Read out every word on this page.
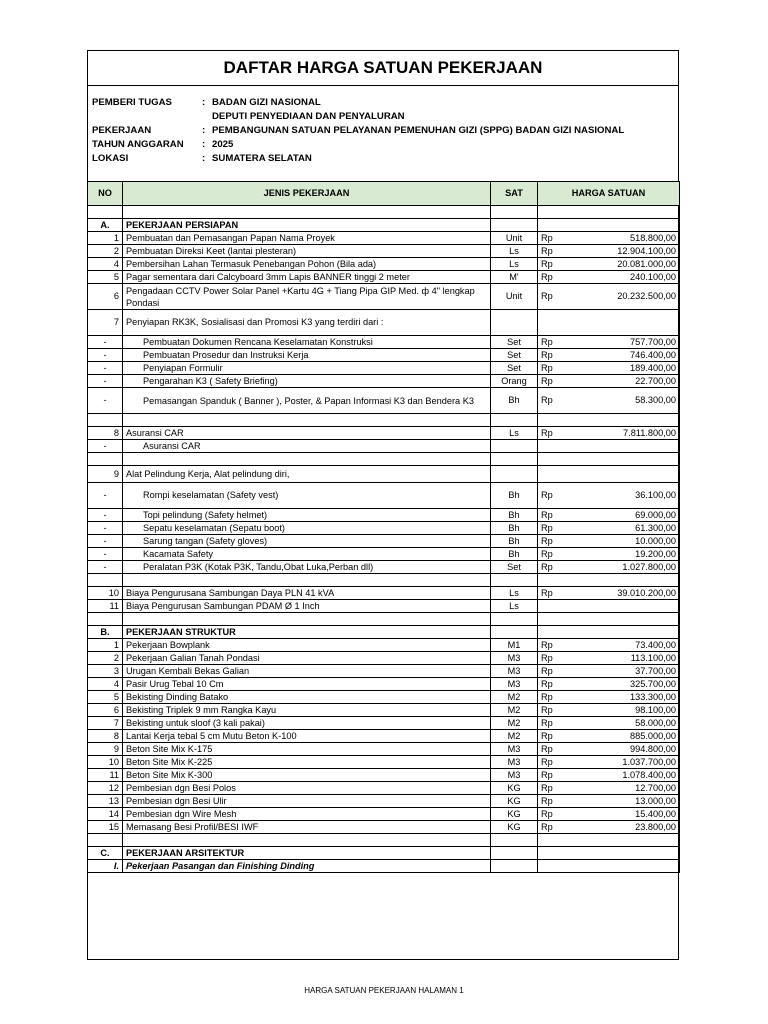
DAFTAR HARGA SATUAN PEKERJAAN
PEMBERI TUGAS	: BADAN GIZI NASIONAL
DEPUTI PENYEDIAAN DAN PENYALURAN
PEKERJAAN	: PEMBANGUNAN SATUAN PELAYANAN PEMENUHAN GIZI (SPPG) BADAN GIZI NASIONAL
TAHUN ANGGARAN	: 2025
LOKASI	: SUMATERA SELATAN
NO	JENIS PEKERJAAN	SAT	HARGA SATUAN

A.	PEKERJAAN PERSIAPAN		
1	Pembuatan dan Pemasangan Papan Nama Proyek	Unit	Rp 518.800,00

2	Pembuatan Direksi Keet (lantai plesteran)	Ls	Rp 12.904.100,00

4	Pembersihan Lahan Termasuk Penebangan Pohon (Bila ada)	Ls	Rp 20.081.000,00

5	Pagar sementara dari Calcyboard 3mm Lapis BANNER tinggi 2 meter	M'	Rp 240.100,00

6	Pengadaan CCTV Power Solar Panel +Kartu 4G + Tiang Pipa GIP Med. ф 4" lengkap Pondasi	Unit	Rp 20.232.500,00

7	Penyiapan RK3K, Sosialisasi dan Promosi K3 yang terdiri dari :		
-	Pembuatan Dokumen Rencana Keselamatan Konstruksi	Set	Rp 757.700,00

-	Pembuatan Prosedur dan Instruksi Kerja	Set	Rp 746.400,00

-	Penyiapan Formulir	Set	Rp 189.400,00

-	Pengarahan K3 ( Safety Briefing)	Orang	Rp 22.700,00

-	Pemasangan Spanduk ( Banner ), Poster, & Papan Informasi K3 dan Bendera K3	Bh	Rp 58.300,00

8	Asuransi CAR	Ls	Rp 7.811.800,00

-	Asuransi CAR		

9	Alat Pelindung Kerja, Alat pelindung diri,		
-	Rompi keselamatan (Safety vest)	Bh	Rp 36.100,00

-	Topi pelindung (Safety helmet)	Bh	Rp 69.000,00

-	Sepatu keselamatan (Sepatu boot)	Bh	Rp 61.300,00

-	Sarung tangan (Safety gloves)	Bh	Rp 10.000,00

-	Kacamata Safety	Bh	Rp 19.200,00

-	Peralatan P3K (Kotak P3K, Tandu,Obat Luka,Perban dll)	Set	Rp 1.027.800,00

10	Biaya Pengurusana Sambungan Daya PLN 41 kVA	Ls	Rp 39.010.200,00

11	Biaya Pengurusan Sambungan PDAM Ø 1 Inch	Ls	

B.	PEKERJAAN STRUKTUR		
1	Pekerjaan Bowplank	M1	Rp 73.400,00

2	Pekerjaan Galian Tanah Pondasi	M3	Rp 113.100,00

3	Urugan Kembali Bekas Galian	M3	Rp 37.700,00

4	Pasir Urug Tebal 10 Cm	M3	Rp 325.700,00

5	Bekisting Dinding Batako	M2	Rp 133.300,00

6	Bekisting Triplek 9 mm Rangka Kayu	M2	Rp 98.100,00

7	Bekisting untuk sloof (3 kali pakai)	M2	Rp 58.000,00

8	Lantai Kerja tebal 5 cm Mutu Beton K-100	M2	Rp 885.000,00

9	Beton Site Mix K-175	M3	Rp 994.800,00

10	Beton Site Mix K-225	M3	Rp 1.037.700,00

11	Beton Site Mix K-300	M3	Rp 1.078.400,00

12	Pembesian dgn Besi Polos	KG	Rp 12.700,00

13	Pembesian dgn Besi Ulir	KG	Rp 13.000,00

14	Pembesian dgn Wire Mesh	KG	Rp 15.400,00

15	Memasang Besi Profil/BESI IWF	KG	Rp 23.800,00

C.	PEKERJAAN ARSITEKTUR		
I.	Pekerjaan Pasangan dan Finishing Dinding		
HARGA SATUAN PEKERJAAN HALAMAN 1
